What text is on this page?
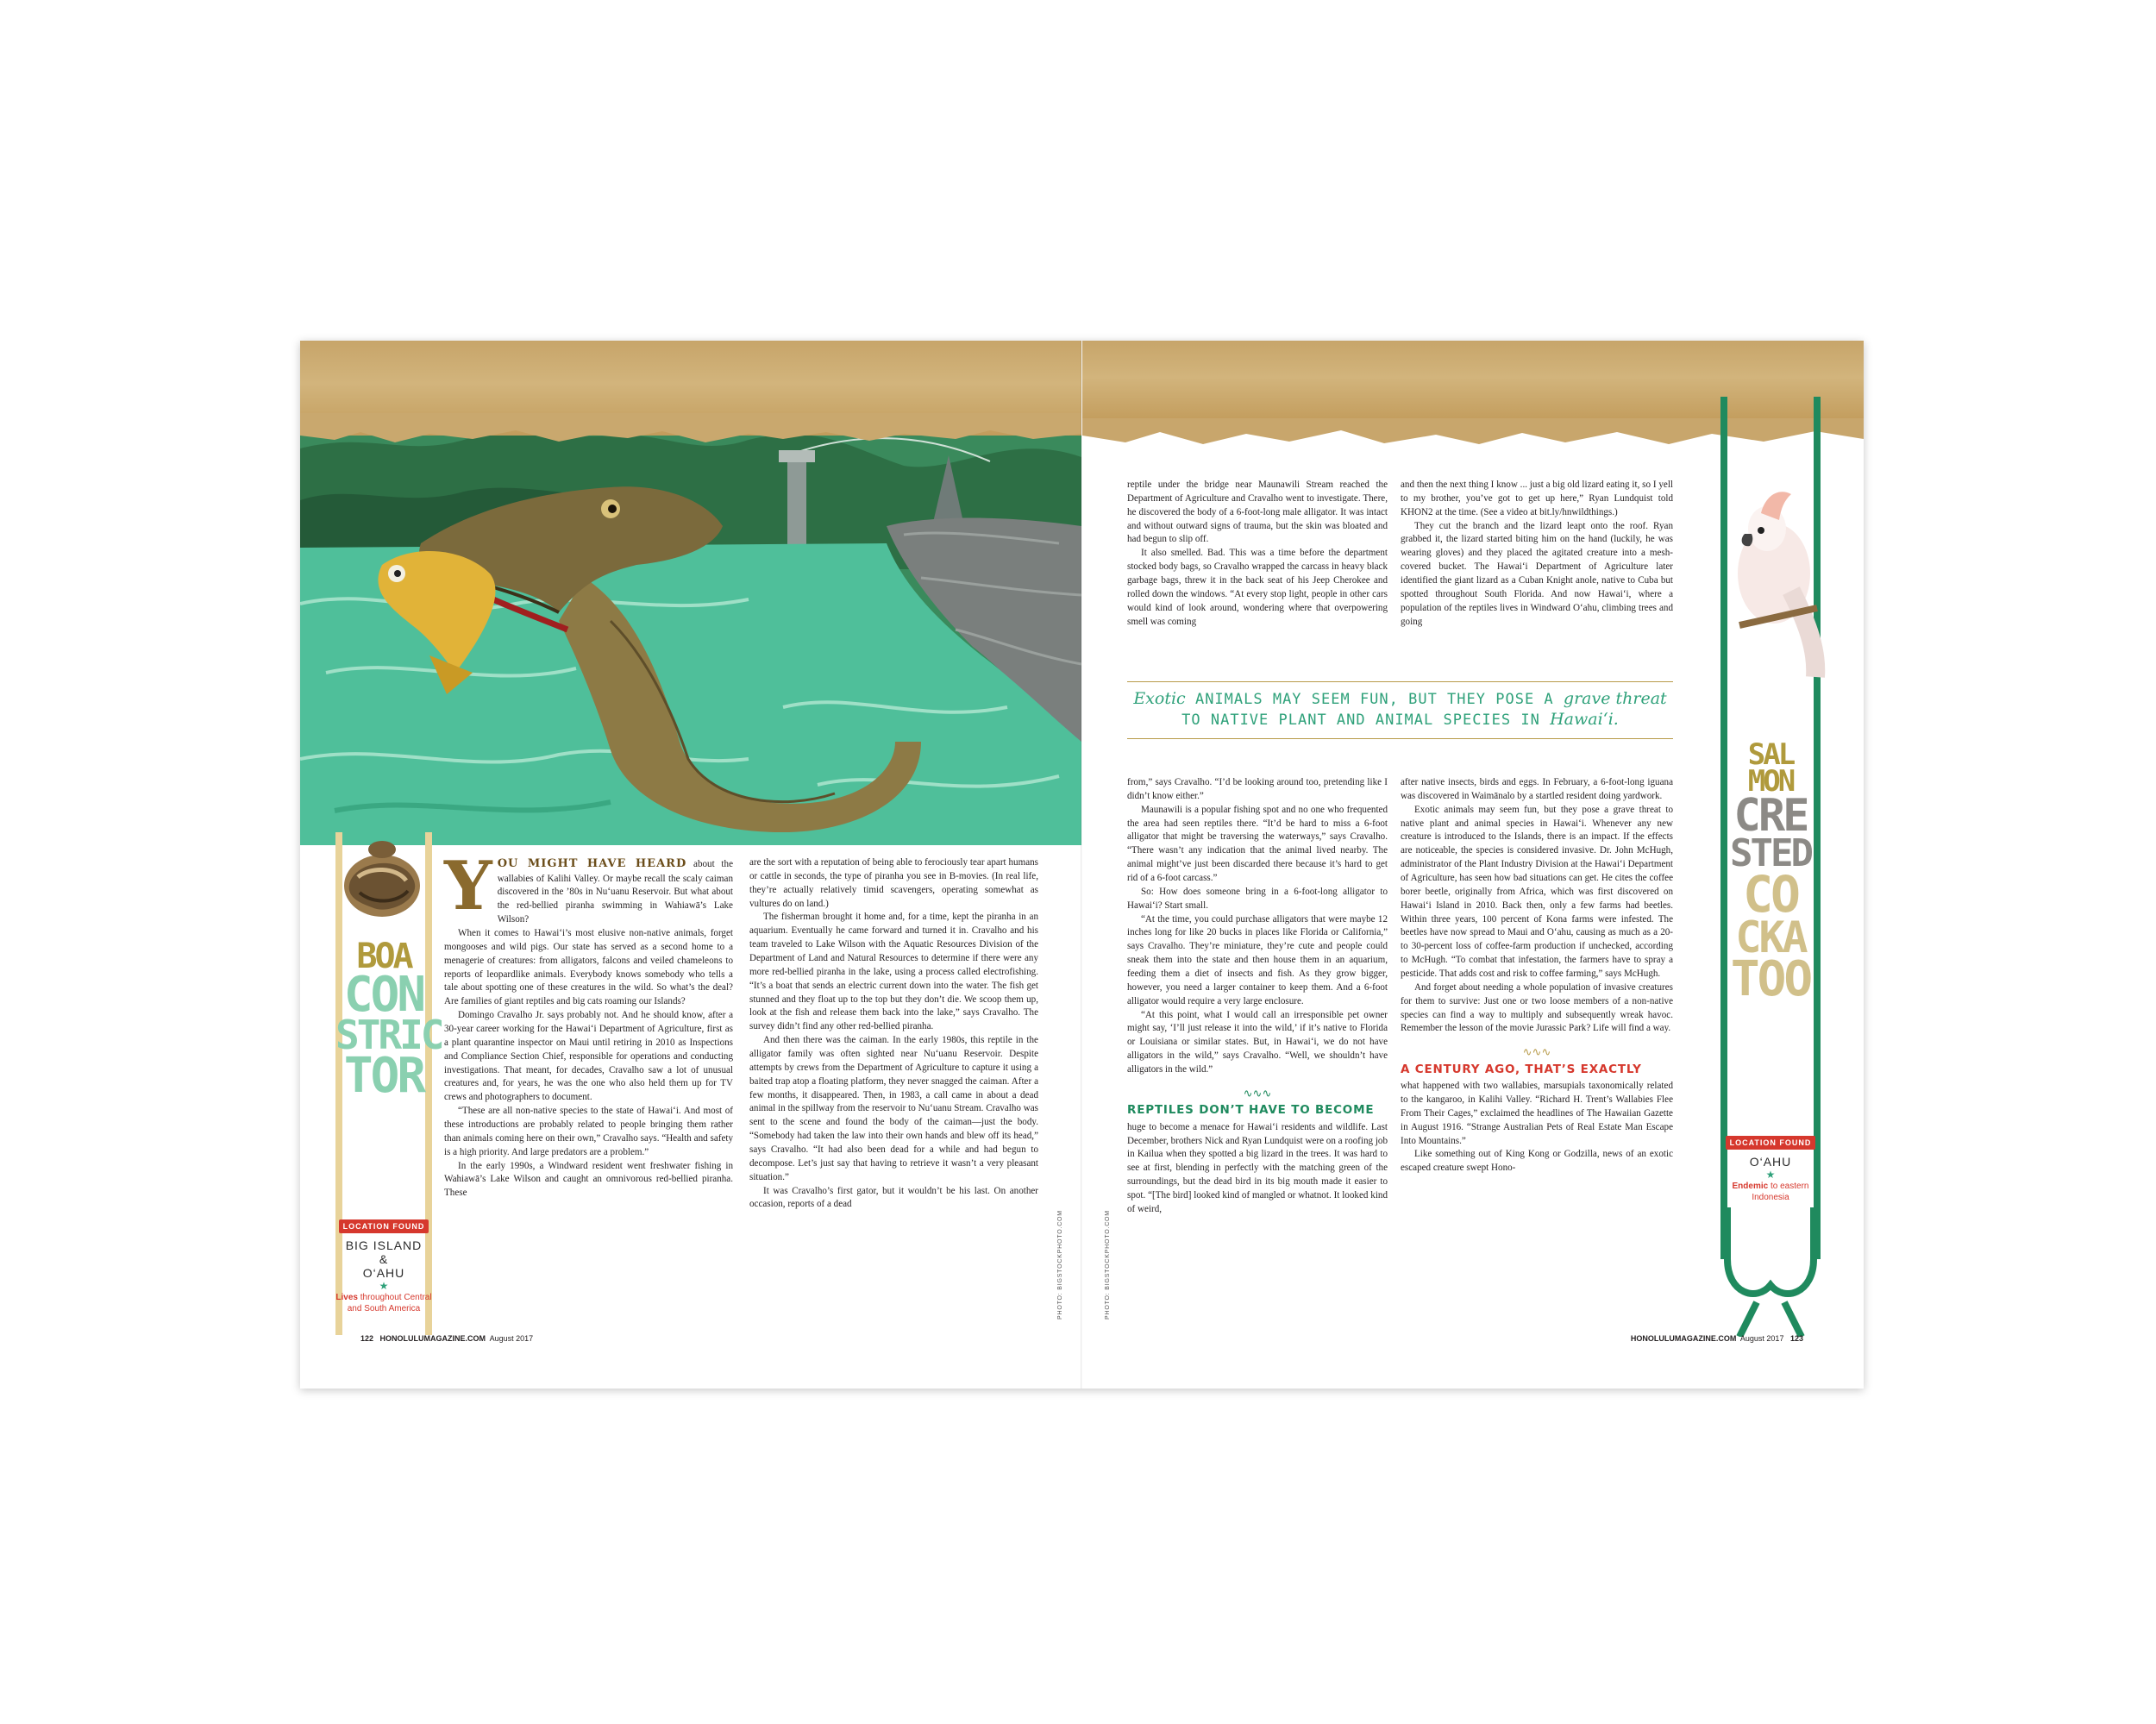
BOA
CON
STRIC
TOR
LOCATION FOUND
BIG ISLAND
&
O‘AHU
★
Lives throughout Central and South America

Y OU MIGHT HAVE HEARD about the wallabies of Kalihi Valley. Or maybe recall the scaly caiman discovered in the ’80s in Nu‘uanu Reservoir. But what about the red-bellied piranha swimming in Wahiawā’s Lake Wilson?

When it comes to Hawai‘i’s most elusive non-native animals, forget mongooses and wild pigs. Our state has served as a second home to a menagerie of creatures: from alligators, falcons and veiled chameleons to reports of leopardlike animals. Everybody knows somebody who tells a tale about spotting one of these creatures in the wild. So what’s the deal? Are families of giant reptiles and big cats roaming our Islands?

Domingo Cravalho Jr. says probably not. And he should know, after a 30-year career working for the Hawai‘i Department of Agriculture, first as a plant quarantine inspector on Maui until retiring in 2010 as Inspections and Compliance Section Chief, responsible for operations and conducting investigations. That meant, for decades, Cravalho saw a lot of unusual creatures and, for years, he was the one who also held them up for TV crews and photographers to document.

“These are all non-native species to the state of Hawai‘i. And most of these introductions are probably related to people bringing them rather than animals coming here on their own,” Cravalho says. “Health and safety is a high priority. And large predators are a problem.”

In the early 1990s, a Windward resident went freshwater fishing in Wahiawā’s Lake Wilson and caught an omnivorous red-bellied piranha. These

are the sort with a reputation of being able to ferociously tear apart humans or cattle in seconds, the type of piranha you see in B-movies. (In real life, they’re actually relatively timid scavengers, operating somewhat as vultures do on land.)

The fisherman brought it home and, for a time, kept the piranha in an aquarium. Eventually he came forward and turned it in. Cravalho and his team traveled to Lake Wilson with the Aquatic Resources Division of the Department of Land and Natural Resources to determine if there were any more red-bellied piranha in the lake, using a process called electrofishing. “It’s a boat that sends an electric current down into the water. The fish get stunned and they float up to the top but they don’t die. We scoop them up, look at the fish and release them back into the lake,” says Cravalho. The survey didn’t find any other red-bellied piranha.

And then there was the caiman. In the early 1980s, this reptile in the alligator family was often sighted near Nu‘uanu Reservoir. Despite attempts by crews from the Department of Agriculture to capture it using a baited trap atop a floating platform, they never snagged the caiman. After a few months, it disappeared. Then, in 1983, a call came in about a dead animal in the spillway from the reservoir to Nu‘uanu Stream. Cravalho was sent to the scene and found the body of the caiman—just the body. “Somebody had taken the law into their own hands and blew off its head,” says Cravalho. “It had also been dead for a while and had begun to decompose. Let’s just say that having to retrieve it wasn’t a very pleasant situation.”

It was Cravalho’s first gator, but it wouldn’t be his last. On another occasion, reports of a dead

PHOTO: BIGSTOCKPHOTO.COM
122 HONOLULUMAGAZINE.COM August 2017

reptile under the bridge near Maunawili Stream reached the Department of Agriculture and Cravalho went to investigate. There, he discovered the body of a 6-foot-long male alligator. It was intact and without outward signs of trauma, but the skin was bloated and had begun to slip off.

It also smelled. Bad. This was a time before the department stocked body bags, so Cravalho wrapped the carcass in heavy black garbage bags, threw it in the back seat of his Jeep Cherokee and rolled down the windows. “At every stop light, people in other cars would kind of look around, wondering where that overpowering smell was coming

and then the next thing I know ... just a big old lizard eating it, so I yell to my brother, you’ve got to get up here,” Ryan Lundquist told KHON2 at the time. (See a video at bit.ly/hnwildthings.)

They cut the branch and the lizard leapt onto the roof. Ryan grabbed it, the lizard started biting him on the hand (luckily, he was wearing gloves) and they placed the agitated creature into a mesh-covered bucket. The Hawai‘i Department of Agriculture later identified the giant lizard as a Cuban Knight anole, native to Cuba but spotted throughout South Florida. And now Hawai‘i, where a population of the reptiles lives in Windward O‘ahu, climbing trees and going

Exotic ANIMALS MAY SEEM FUN, BUT THEY POSE A grave threat TO NATIVE PLANT AND ANIMAL SPECIES IN Hawai‘i.

from,” says Cravalho. “I’d be looking around too, pretending like I didn’t know either.”

Maunawili is a popular fishing spot and no one who frequented the area had seen reptiles there. “It’d be hard to miss a 6-foot alligator that might be traversing the waterways,” says Cravalho. “There wasn’t any indication that the animal lived nearby. The animal might’ve just been discarded there because it’s hard to get rid of a 6-foot carcass.”

So: How does someone bring in a 6-foot-long alligator to Hawai‘i? Start small.

“At the time, you could purchase alligators that were maybe 12 inches long for like 20 bucks in places like Florida or California,” says Cravalho. They’re miniature, they’re cute and people could sneak them into the state and then house them in an aquarium, feeding them a diet of insects and fish. As they grow bigger, however, you need a larger container to keep them. And a 6-foot alligator would require a very large enclosure.

“At this point, what I would call an irresponsible pet owner might say, ‘I’ll just release it into the wild,’ if it’s native to Florida or Louisiana or similar states. But, in Hawai‘i, we do not have alligators in the wild,” says Cravalho. “Well, we shouldn’t have alligators in the wild.”

∿∿∿
REPTILES DON’T HAVE TO BECOME

huge to become a menace for Hawai‘i residents and wildlife. Last December, brothers Nick and Ryan Lundquist were on a roofing job in Kailua when they spotted a big lizard in the trees. It was hard to see at first, blending in perfectly with the matching green of the surroundings, but the dead bird in its big mouth made it easier to spot. “[The bird] looked kind of mangled or whatnot. It looked kind of weird,

after native insects, birds and eggs. In February, a 6-foot-long iguana was discovered in Waimānalo by a startled resident doing yardwork.

Exotic animals may seem fun, but they pose a grave threat to native plant and animal species in Hawai‘i. Whenever any new creature is introduced to the Islands, there is an impact. If the effects are noticeable, the species is considered invasive. Dr. John McHugh, administrator of the Plant Industry Division at the Hawai‘i Department of Agriculture, has seen how bad situations can get. He cites the coffee borer beetle, originally from Africa, which was first discovered on Hawai‘i Island in 2010. Back then, only a few farms had beetles. Within three years, 100 percent of Kona farms were infested. The beetles have now spread to Maui and O‘ahu, causing as much as a 20- to 30-percent loss of coffee-farm production if unchecked, according to McHugh. “To combat that infestation, the farmers have to spray a pesticide. That adds cost and risk to coffee farming,” says McHugh.

And forget about needing a whole population of invasive creatures for them to survive: Just one or two loose members of a non-native species can find a way to multiply and subsequently wreak havoc. Remember the lesson of the movie Jurassic Park? Life will find a way.

∿∿∿
A CENTURY AGO, THAT’S EXACTLY

what happened with two wallabies, marsupials taxonomically related to the kangaroo, in Kalihi Valley. “Richard H. Trent’s Wallabies Flee From Their Cages,” exclaimed the headlines of The Hawaiian Gazette in August 1916. “Strange Australian Pets of Real Estate Man Escape Into Mountains.”

Like something out of King Kong or Godzilla, news of an exotic escaped creature swept Hono-

PHOTO: BIGSTOCKPHOTO.COM
SAL
MON
CRE
STED
CO
CKA
TOO
LOCATION FOUND
O‘AHU
★
Endemic to eastern Indonesia
HONOLULUMAGAZINE.COM August 2017 123
